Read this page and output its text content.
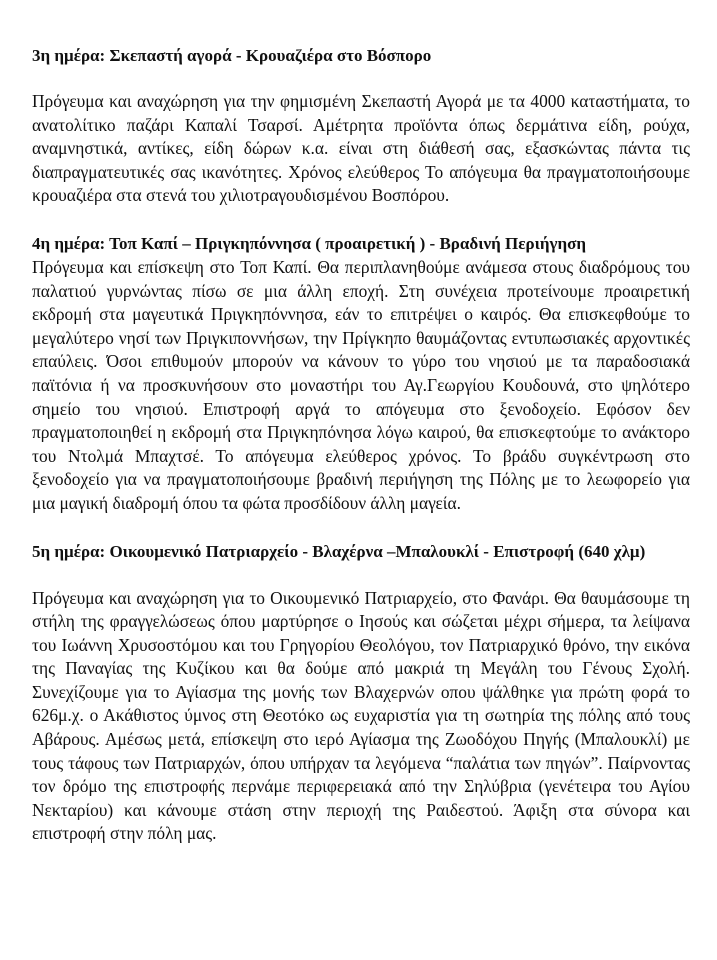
3η ημέρα: Σκεπαστή αγορά - Κρουαζιέρα στο Βόσπορο

Πρόγευμα και αναχώρηση για την φημισμένη Σκεπαστή Αγορά με τα 4000 καταστήματα, το ανατολίτικο παζάρι Καπαλί Τσαρσί. Αμέτρητα προϊόντα όπως δερμάτινα είδη, ρούχα, αναμνηστικά, αντίκες, είδη δώρων κ.α. είναι στη διάθεσή σας, εξασκώντας πάντα τις διαπραγματευτικές σας ικανότητες. Χρόνος ελεύθερος Το απόγευμα θα πραγματοποιήσουμε κρουαζιέρα στα στενά του χιλιοτραγουδισμένου Βοσπόρου.

4η ημέρα: Τοπ Καπί – Πριγκηπόννησα ( προαιρετική ) - Βραδινή Περιήγηση

Πρόγευμα και επίσκεψη στο Τοπ Καπί. Θα περιπλανηθούμε ανάμεσα στους διαδρόμους του παλατιού γυρνώντας πίσω σε μια άλλη εποχή. Στη συνέχεια προτείνουμε προαιρετική εκδρομή στα μαγευτικά Πριγκηπόννησα, εάν το επιτρέψει ο καιρός. Θα επισκεφθούμε το μεγαλύτερο νησί των Πριγκιποννήσων, την Πρίγκηπο θαυμάζοντας εντυπωσιακές αρχοντικές επαύλεις. Όσοι επιθυμούν μπορούν να κάνουν το γύρο του νησιού με τα παραδοσιακά παϊτόνια ή να προσκυνήσουν στο μοναστήρι του Αγ.Γεωργίου Κουδουνά, στο ψηλότερο σημείο του νησιού. Επιστροφή αργά το απόγευμα στο ξενοδοχείο. Εφόσον δεν πραγματοποιηθεί η εκδρομή στα Πριγκηπόνησα λόγω καιρού, θα επισκεφτούμε το ανάκτορο του Ντολμά Μπαχτσέ. Το απόγευμα ελεύθερος χρόνος. Το βράδυ συγκέντρωση στο ξενοδοχείο για να πραγματοποιήσουμε βραδινή περιήγηση της Πόλης με το λεωφορείο για μια μαγική διαδρομή όπου τα φώτα προσδίδουν άλλη μαγεία.

5η ημέρα: Οικουμενικό Πατριαρχείο - Βλαχέρνα –Μπαλουκλί - Επιστροφή (640 χλμ)

Πρόγευμα και αναχώρηση για το Οικουμενικό Πατριαρχείο, στο Φανάρι. Θα θαυμάσουμε τη στήλη της φραγγελώσεως όπου μαρτύρησε ο Ιησούς και σώζεται μέχρι σήμερα, τα λείψανα του Ιωάννη Χρυσοστόμου και του Γρηγορίου Θεολόγου, τον Πατριαρχικό θρόνο, την εικόνα της Παναγίας της Κυζίκου και θα δούμε από μακριά τη Μεγάλη του Γένους Σχολή. Συνεχίζουμε για το Αγίασμα της μονής των Βλαχερνών οπου ψάλθηκε για πρώτη φορά το 626μ.χ. ο Ακάθιστος ύμνος στη Θεοτόκο ως ευχαριστία για τη σωτηρία της πόλης από τους Αβάρους. Αμέσως μετά, επίσκεψη στο ιερό Αγίασμα της Ζωοδόχου Πηγής (Μπαλουκλί) με τους τάφους των Πατριαρχών, όπου υπήρχαν τα λεγόμενα “παλάτια των πηγών”. Παίρνοντας τον δρόμο της επιστροφής περνάμε περιφερειακά από την Σηλύβρια (γενέτειρα του Αγίου Νεκταρίου) και κάνουμε στάση στην περιοχή της Ραιδεστού. Άφιξη στα σύνορα και επιστροφή στην πόλη μας.
